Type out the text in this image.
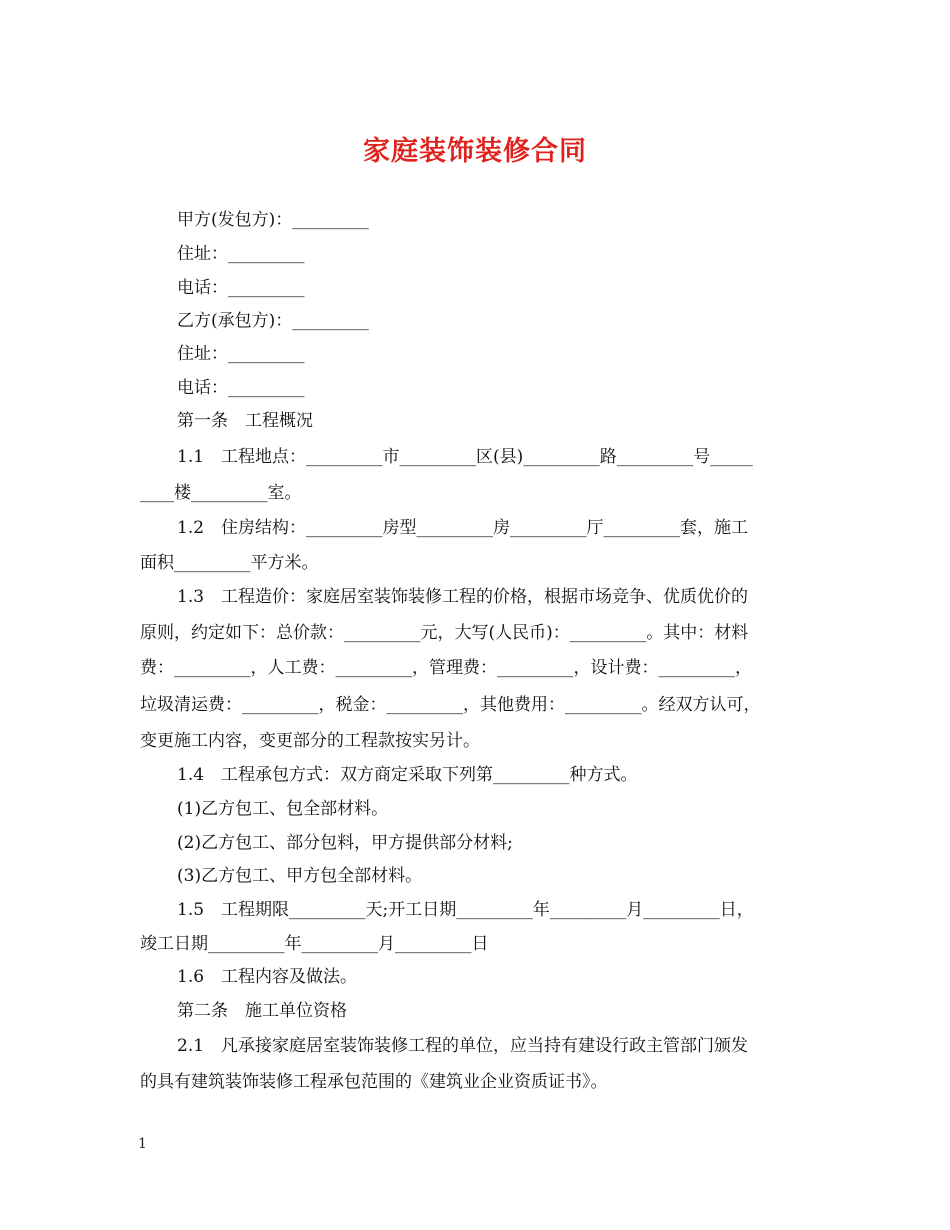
家庭装饰装修合同
甲方(发包方)：_________
住址：_________
电话：_________
乙方(承包方)：_________
住址：_________
电话：_________
第一条　工程概况
1.1　工程地点：_________市_________区(县)_________路_________号_____
____楼_________室。
1.2　住房结构：_________房型_________房_________厅_________套，施工
面积_________平方米。
1.3　工程造价：家庭居室装饰装修工程的价格，根据市场竞争、优质优价的
原则，约定如下：总价款：_________元，大写(人民币)：_________。其中：材料
费：_________，人工费：_________，管理费：_________，设计费：_________，
垃圾清运费：_________，税金：_________，其他费用：_________。经双方认可，
变更施工内容，变更部分的工程款按实另计。
1.4　工程承包方式：双方商定采取下列第_________种方式。
(1)乙方包工、包全部材料。
(2)乙方包工、部分包料，甲方提供部分材料;
(3)乙方包工、甲方包全部材料。
1.5　工程期限_________天;开工日期_________年_________月_________日，
竣工日期_________年_________月_________日
1.6　工程内容及做法。
第二条　施工单位资格
2.1　凡承接家庭居室装饰装修工程的单位，应当持有建设行政主管部门颁发
的具有建筑装饰装修工程承包范围的《建筑业企业资质证书》。
1
